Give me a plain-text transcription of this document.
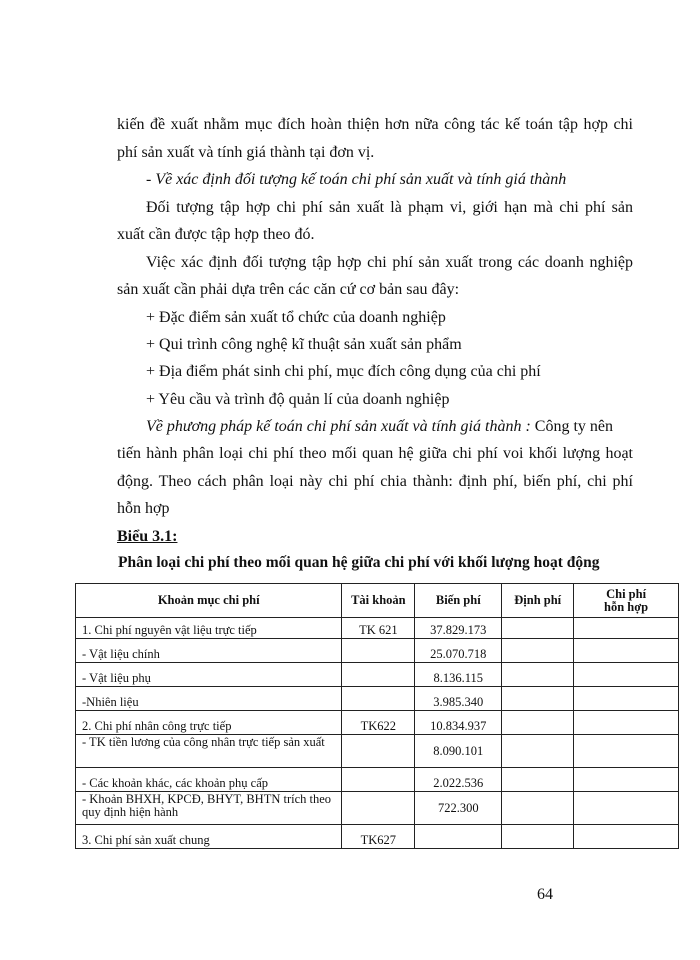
kiến đề xuất nhằm mục đích hoàn thiện hơn nữa công tác kế toán tập hợp chi
phí sản xuất và tính giá thành tại đơn vị.
- Về xác định đối tượng kế toán chi phí sản xuất và tính giá thành
Đối tượng tập hợp chi phí sản xuất là phạm vi, giới hạn mà chi phí sản
xuất cần được tập hợp theo đó.
Việc xác định đối tượng tập hợp chi phí sản xuất trong các doanh nghiệp
sản xuất cần phải dựa trên các căn cứ cơ bản sau đây:
+ Đặc điểm sản xuất tổ chức của doanh nghiệp
+ Qui trình công nghệ kĩ thuật sản xuất sản phẩm
+ Địa điểm phát sinh chi phí, mục đích công dụng của chi phí
+ Yêu cầu và trình độ quản lí của doanh nghiệp
Về phương pháp kế toán chi phí sản xuất và tính giá thành : Công ty nên
tiến hành phân loại chi phí theo mối quan hệ giữa chi phí voi khối lượng hoạt
động. Theo cách phân loại này chi phí chia thành: định phí, biến phí, chi phí
hỗn hợp
Biểu 3.1:
Phân loại chi phí theo mối quan hệ giữa chi phí với khối lượng hoạt động
Khoản mục chi phí	Tài khoản	Biến phí	Định phí	Chi phí
hỗn hợp

1. Chi phí nguyên vật liệu trực tiếp	TK 621	37.829.173		
- Vật liệu chính		25.070.718		
- Vật liệu phụ		8.136.115		
-Nhiên liệu		3.985.340		
2. Chi phí nhân công trực tiếp	TK622	10.834.937		
- TK tiền lương của công nhân trực tiếp sản xuất		8.090.101		
- Các khoản khác, các khoản phụ cấp		2.022.536		
- Khoản BHXH, KPCĐ, BHYT, BHTN trích theo quy định hiện hành		722.300		
3. Chi phí sản xuất chung	TK627			
64
